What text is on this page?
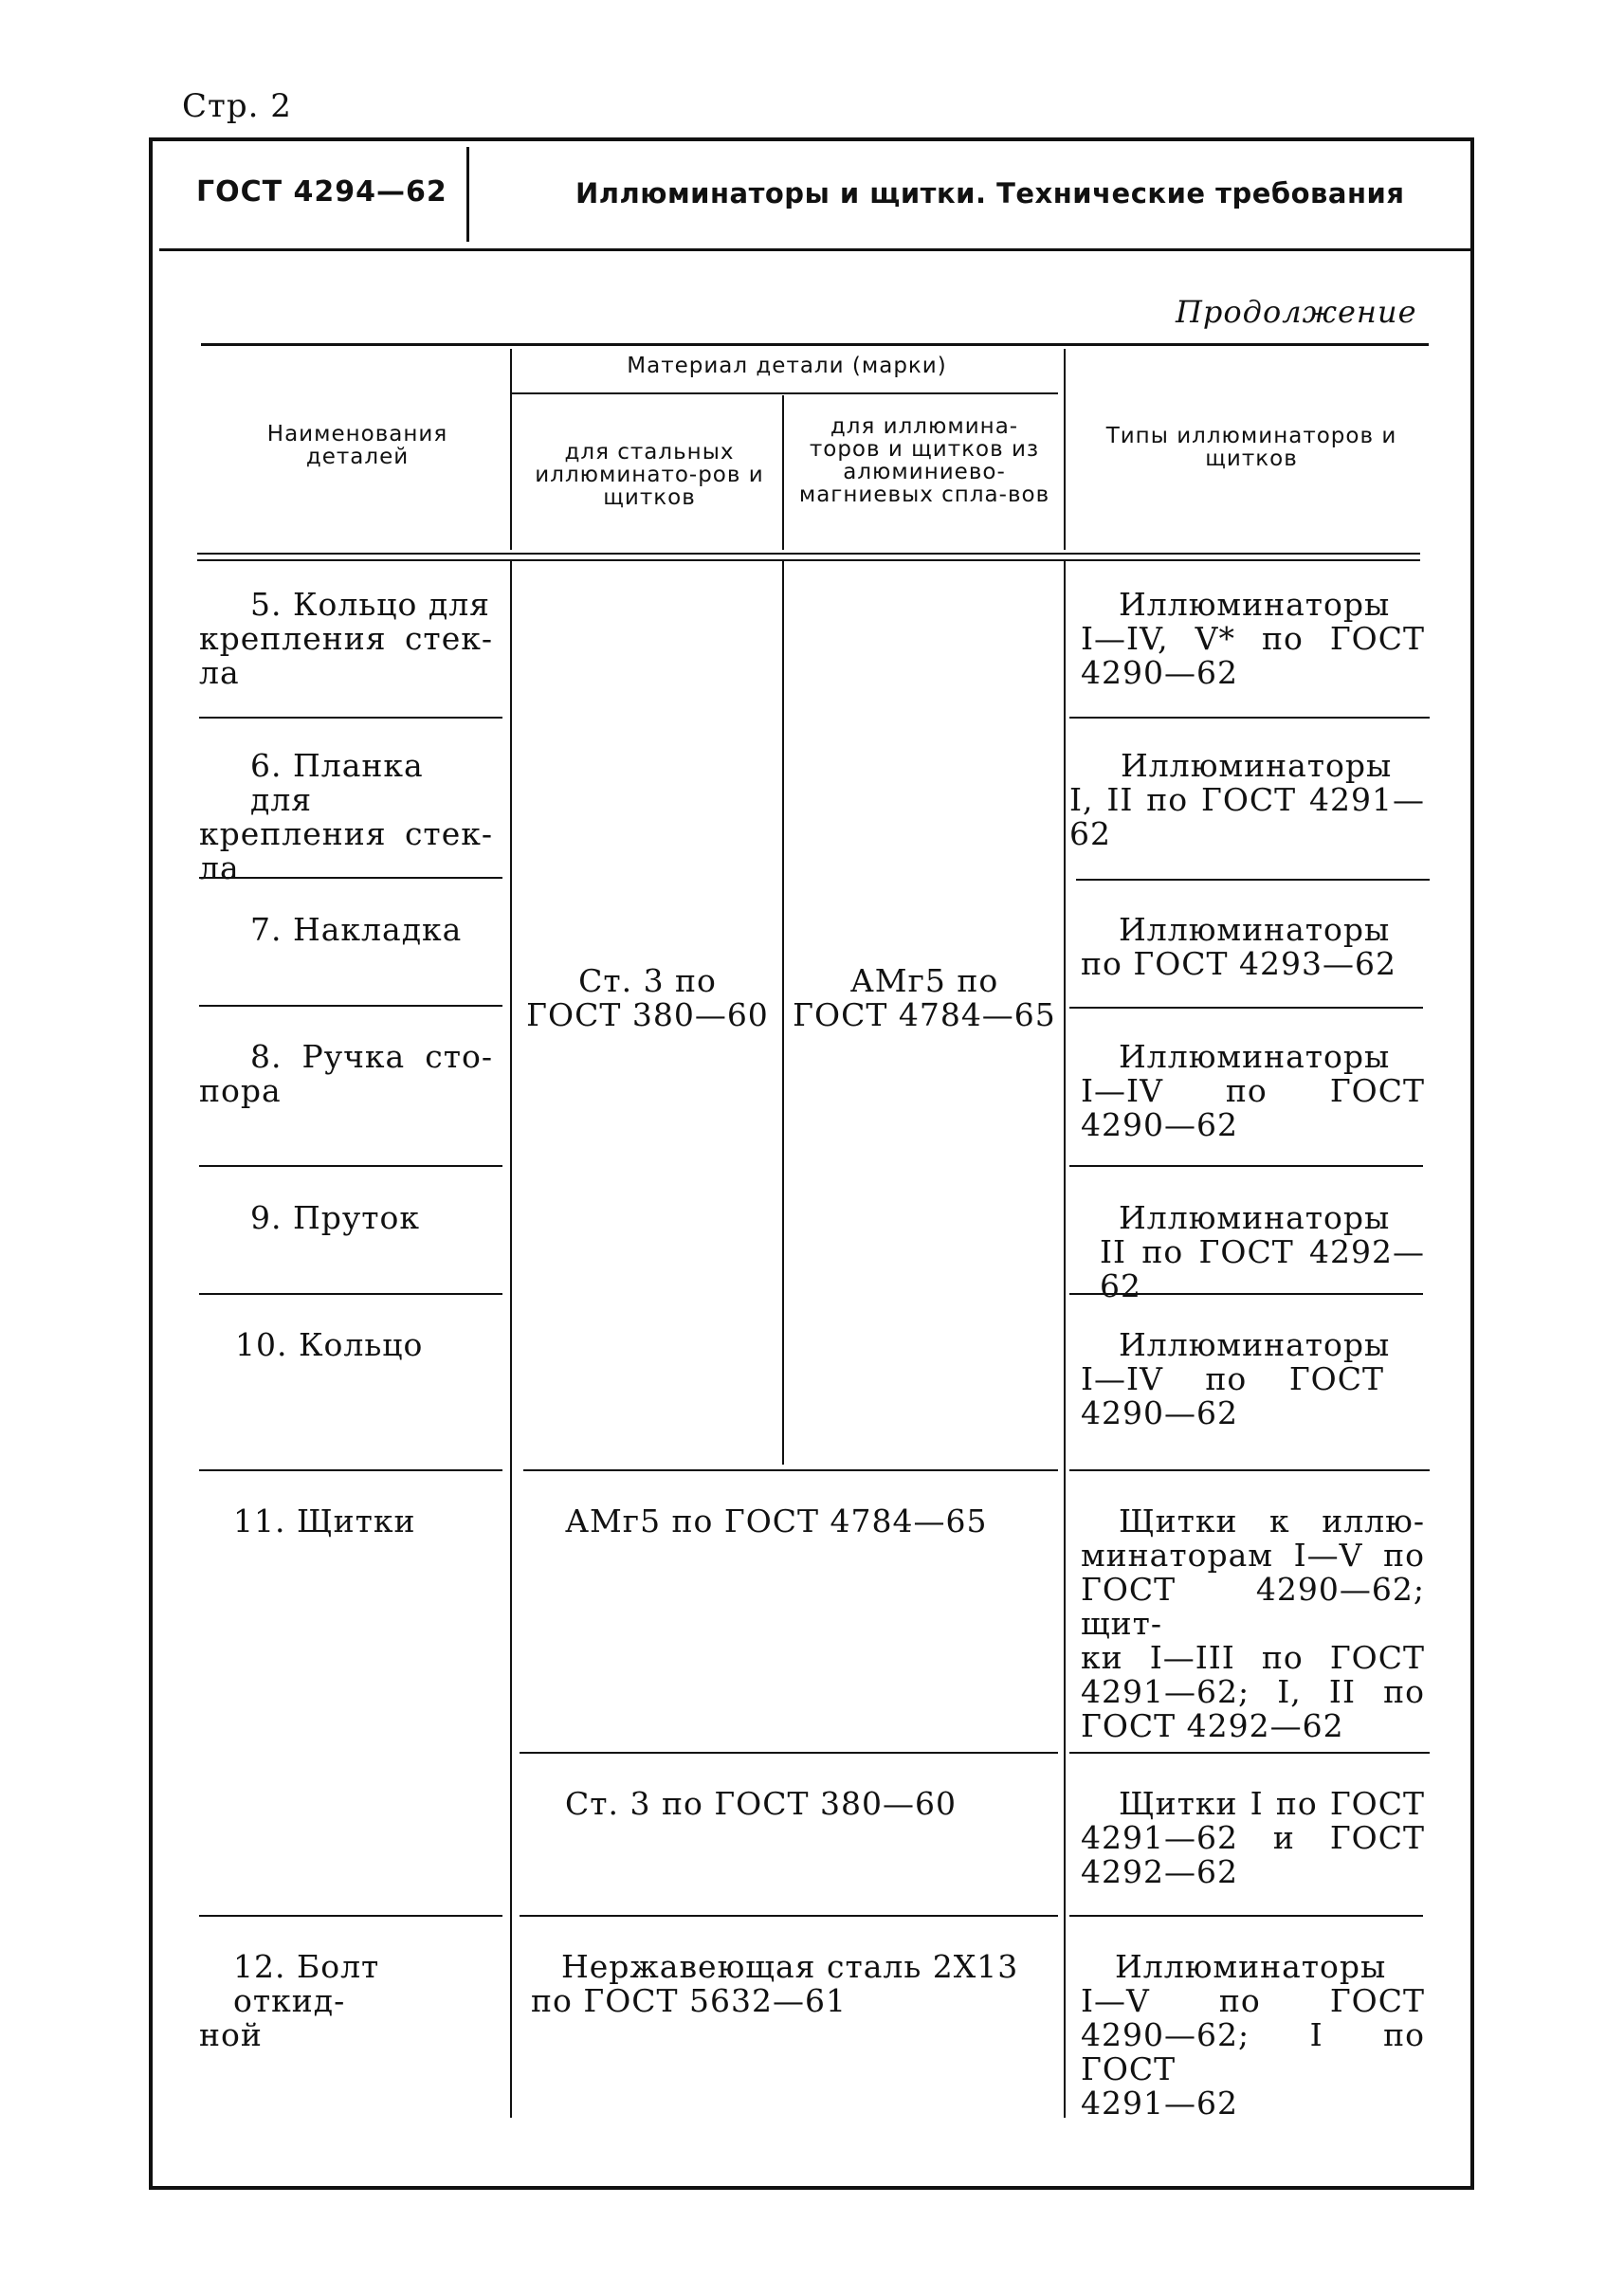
Стр. 2
ГОСТ 4294—62	Иллюминаторы и щитки. Технические требования
Продолжение
Наименования деталей
Материал детали (марки)
для стальных иллюминато-ров и щитков
для иллюмина-торов и щитков из алюминиево-магниевых спла-вов
Типы иллюминаторов и щитков
5. Кольцо для
крепления стек-
ла
6. Планка для
крепления стек-
ла
7. Накладка
8. Ручка сто-
пора
9. Пруток
10. Кольцо
11. Щитки
12. Болт откид-
ной
Ст. 3 по
ГОСТ 380—60
АМг5 по
ГОСТ 4784—65
АМг5 по ГОСТ 4784—65
Ст. 3 по ГОСТ 380—60
Нержавеющая сталь 2Х13
по ГОСТ 5632—61
Иллюминаторы
I—IV, V* по ГОСТ
4290—62
Иллюминаторы
I, II по ГОСТ 4291—62
Иллюминаторы
по ГОСТ 4293—62
Иллюминаторы
I—IV по ГОСТ
4290—62
Иллюминаторы
II по ГОСТ 4292—62
Иллюминаторы
I—IV по ГОСТ
4290—62
Щитки к иллю-
минаторам I—V по
ГОСТ 4290—62; щит-
ки I—III по ГОСТ
4291—62; I, II по
ГОСТ 4292—62
Щитки I по ГОСТ
4291—62 и ГОСТ
4292—62
Иллюминаторы
I—V по ГОСТ
4290—62; I по ГОСТ
4291—62
